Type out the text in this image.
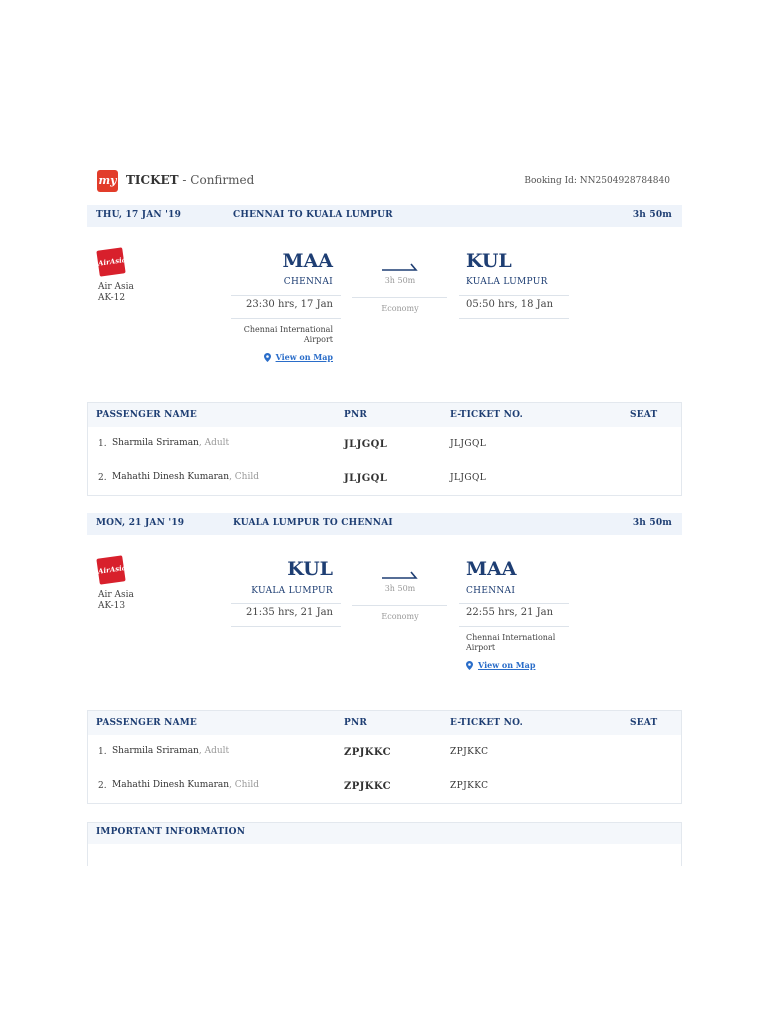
my TICKET - Confirmed	Booking Id: NN2504928784840
THU, 17 JAN '19	CHENNAI TO KUALA LUMPUR	3h 50m
AirAsia
Air Asia
AK-12
MAA
CHENNAI
23:30 hrs, 17 Jan
Chennai International Airport
View on Map
3h 50m
Economy
KUL
KUALA LUMPUR
05:50 hrs, 18 Jan
PASSENGER NAME	PNR	E-TICKET NO.	SEAT
1. Sharmila Sriraman, Adult	JLJGQL	JLJGQL
2. Mahathi Dinesh Kumaran, Child	JLJGQL	JLJGQL
MON, 21 JAN '19	KUALA LUMPUR TO CHENNAI	3h 50m
AirAsia
Air Asia
AK-13
KUL
KUALA LUMPUR
21:35 hrs, 21 Jan
3h 50m
Economy
MAA
CHENNAI
22:55 hrs, 21 Jan
Chennai International Airport
View on Map
PASSENGER NAME	PNR	E-TICKET NO.	SEAT
1. Sharmila Sriraman, Adult	ZPJKKC	ZPJKKC
2. Mahathi Dinesh Kumaran, Child	ZPJKKC	ZPJKKC
IMPORTANT INFORMATION
